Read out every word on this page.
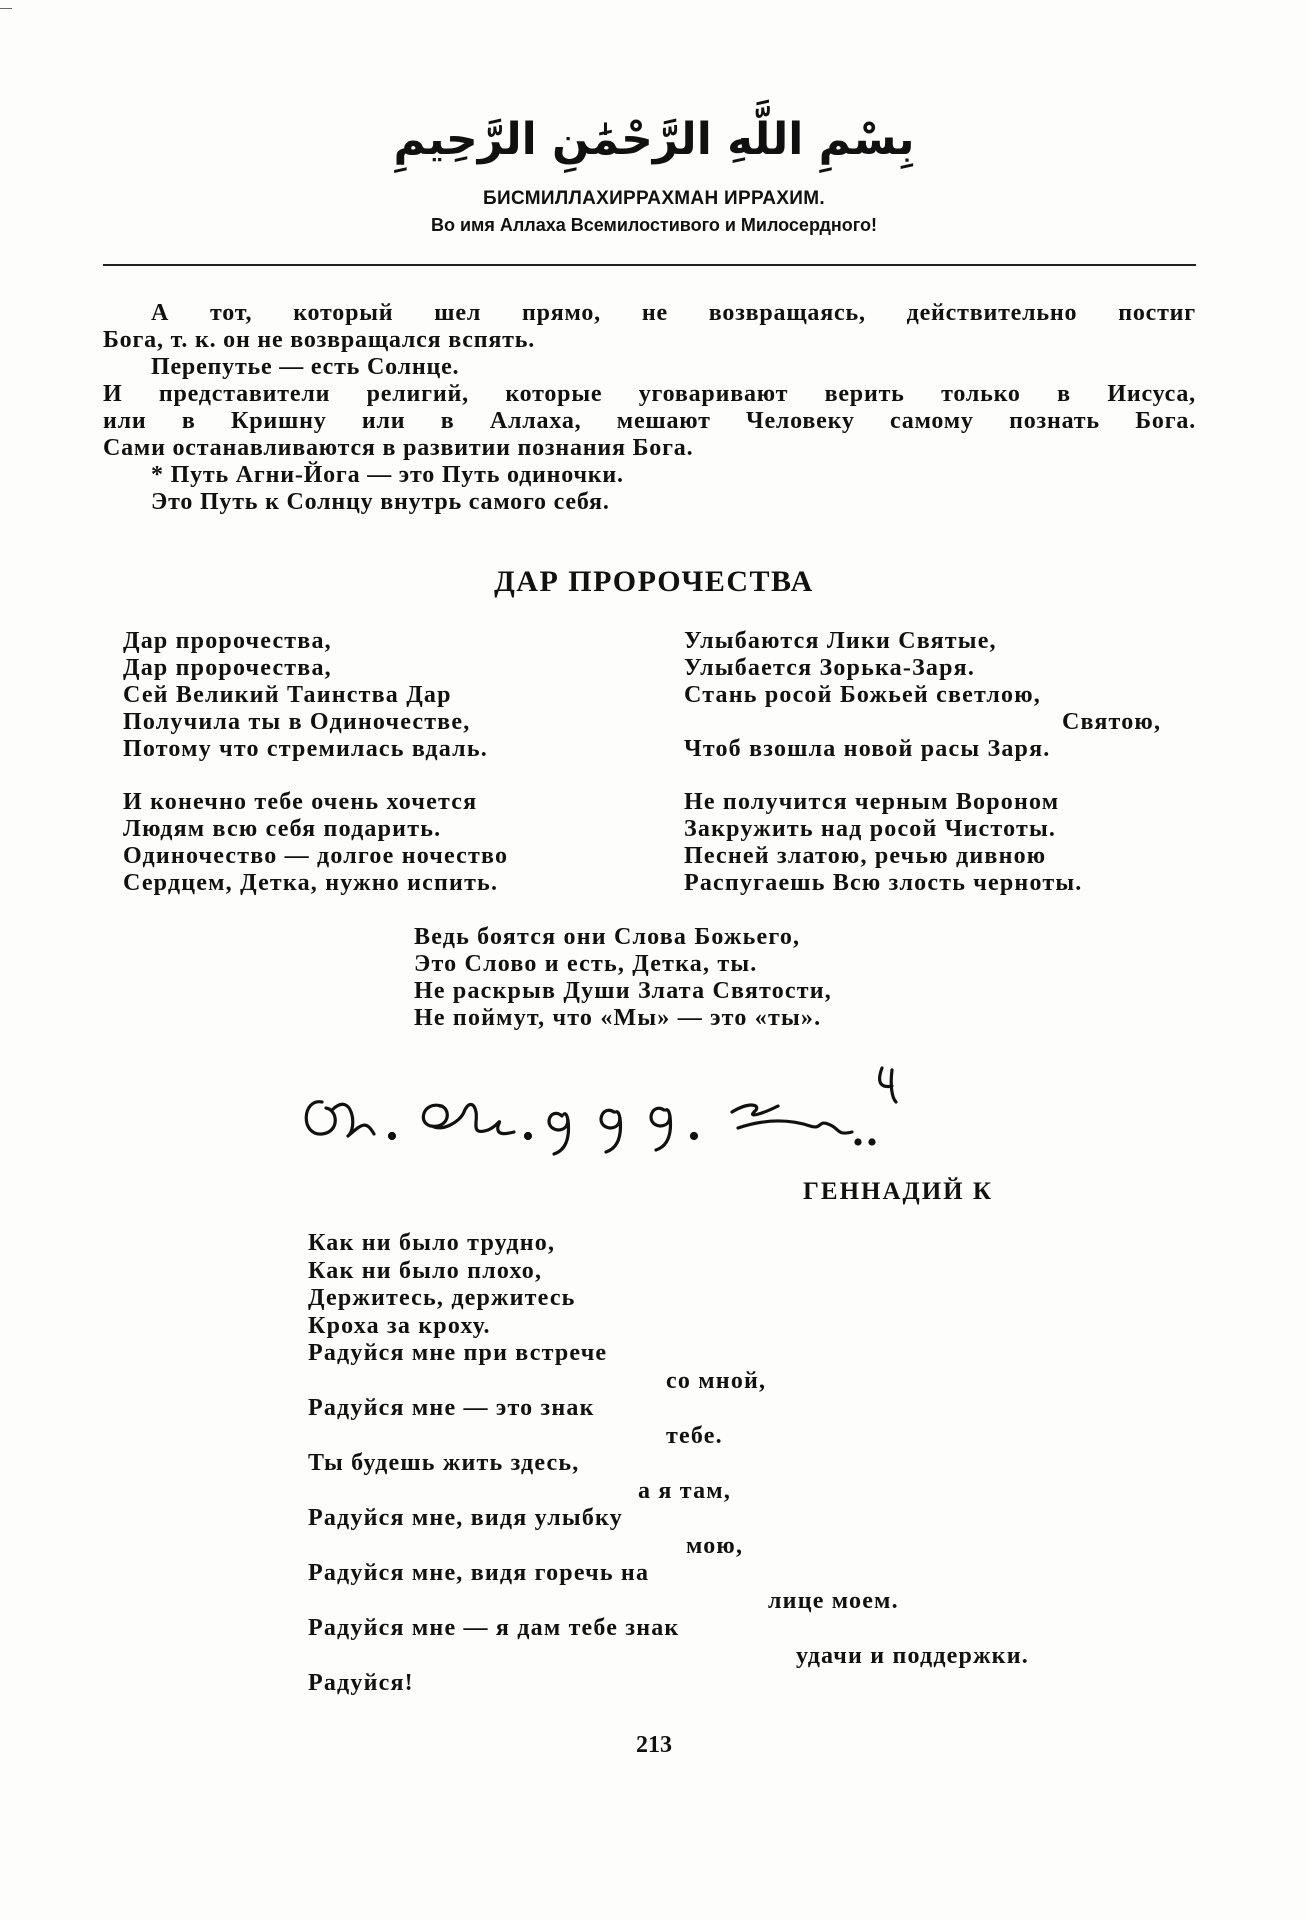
بِسْمِ اللَّهِ الرَّحْمَٰنِ الرَّحِيمِ
БИСМИЛЛАХИРРАХМАН ИРРАХИМ.
Во имя Аллаха Всемилостивого и Милосердного!

А тот, который шел прямо, не возвращаясь, действительно постиг

Бога, т. к. он не возвращался вспять.

Перепутье — есть Солнце.

И представители религий, которые уговаривают верить только в Иисуса,

или в Кришну или в Аллаха, мешают Человеку самому познать Бога.

Сами останавливаются в развитии познания Бога.

* Путь Агни-Йога — это Путь одиночки.

Это Путь к Солнцу внутрь самого себя.

ДАР ПРОРОЧЕСТВА
Дар пророчества,
Дар пророчества,
Сей Великий Таинства Дар
Получила ты в Одиночестве,
Потому что стремилась вдаль.
И конечно тебе очень хочется
Людям всю себя подарить.
Одиночество — долгое ночество
Сердцем, Детка, нужно испить.
Улыбаются Лики Святые,
Улыбается Зорька-Заря.
Стань росой Божьей светлою,
Святою,
Чтоб взошла новой расы Заря.
Не получится черным Вороном
Закружить над росой Чистоты.
Песней златою, речью дивною
Распугаешь Всю злость черноты.
Ведь боятся они Слова Божьего,
Это Слово и есть, Детка, ты.
Не раскрыв Души Злата Святости,
Не поймут, что «Мы» — это «ты».
ГЕННАДИЙ К
Как ни было трудно,
Как ни было плохо,
Держитесь, держитесь
Кроха за кроху.
Радуйся мне при встрече
со мной,
Радуйся мне — это знак
тебе.
Ты будешь жить здесь,
а я там,
Радуйся мне, видя улыбку
мою,
Радуйся мне, видя горечь на
лице моем.
Радуйся мне — я дам тебе знак
удачи и поддержки.
Радуйся!
213
